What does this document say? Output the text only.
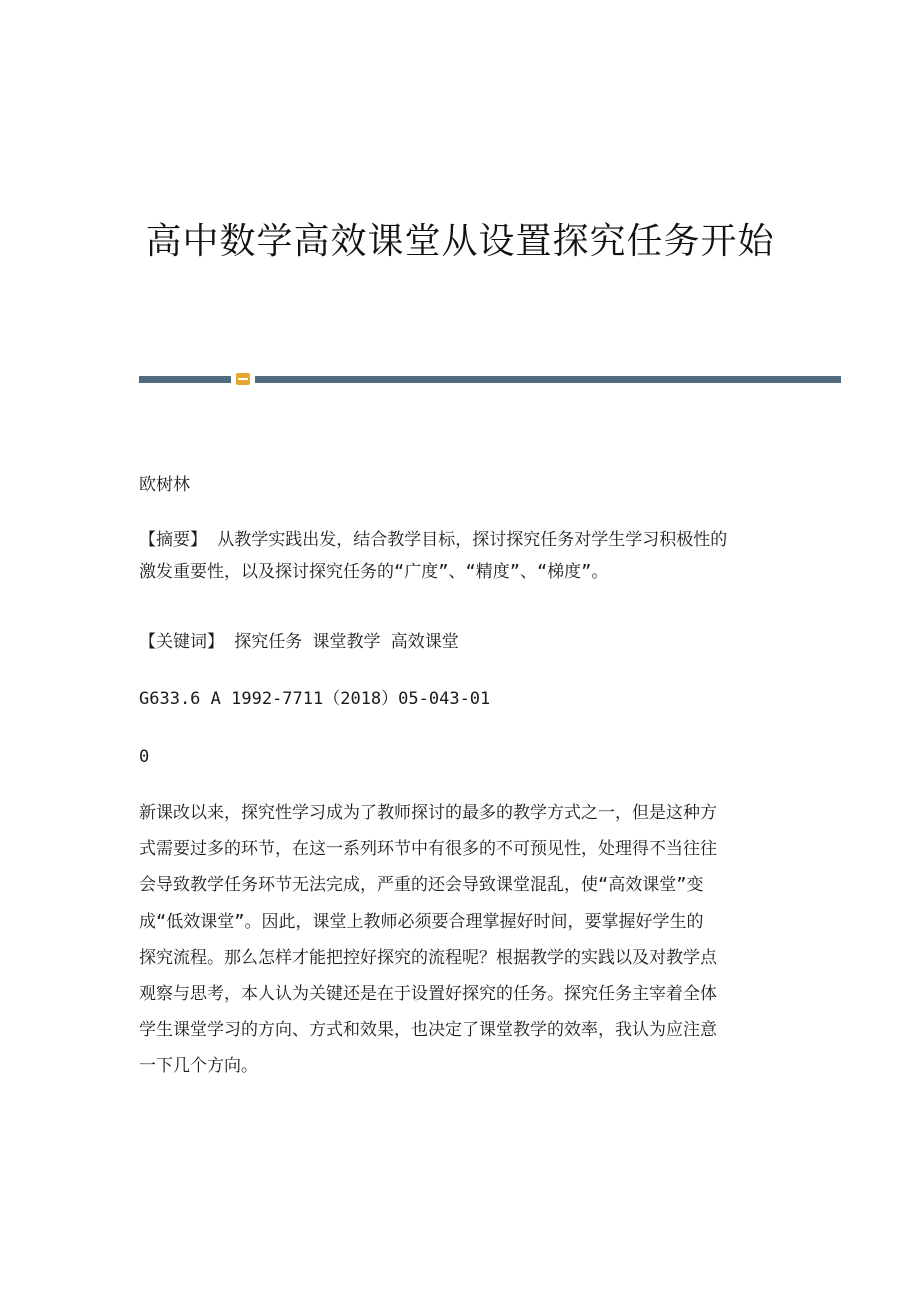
高中数学高效课堂从设置探究任务开始
欧树林
【摘要】 从教学实践出发，结合教学目标，探讨探究任务对学生学习积极性的
激发重要性，以及探讨探究任务的“广度”、“精度”、“梯度”。
【关键词】 探究任务 课堂教学 高效课堂
G633.6 A 1992-7711（2018）05-043-01
0
新课改以来，探究性学习成为了教师探讨的最多的教学方式之一，但是这种方
式需要过多的环节，在这一系列环节中有很多的不可预见性，处理得不当往往
会导致教学任务环节无法完成，严重的还会导致课堂混乱，使“高效课堂”变
成“低效课堂”。因此，课堂上教师必须要合理掌握好时间，要掌握好学生的
探究流程。那么怎样才能把控好探究的流程呢？根据教学的实践以及对教学点
观察与思考，本人认为关键还是在于设置好探究的任务。探究任务主宰着全体
学生课堂学习的方向、方式和效果，也决定了课堂教学的效率，我认为应注意
一下几个方向。
